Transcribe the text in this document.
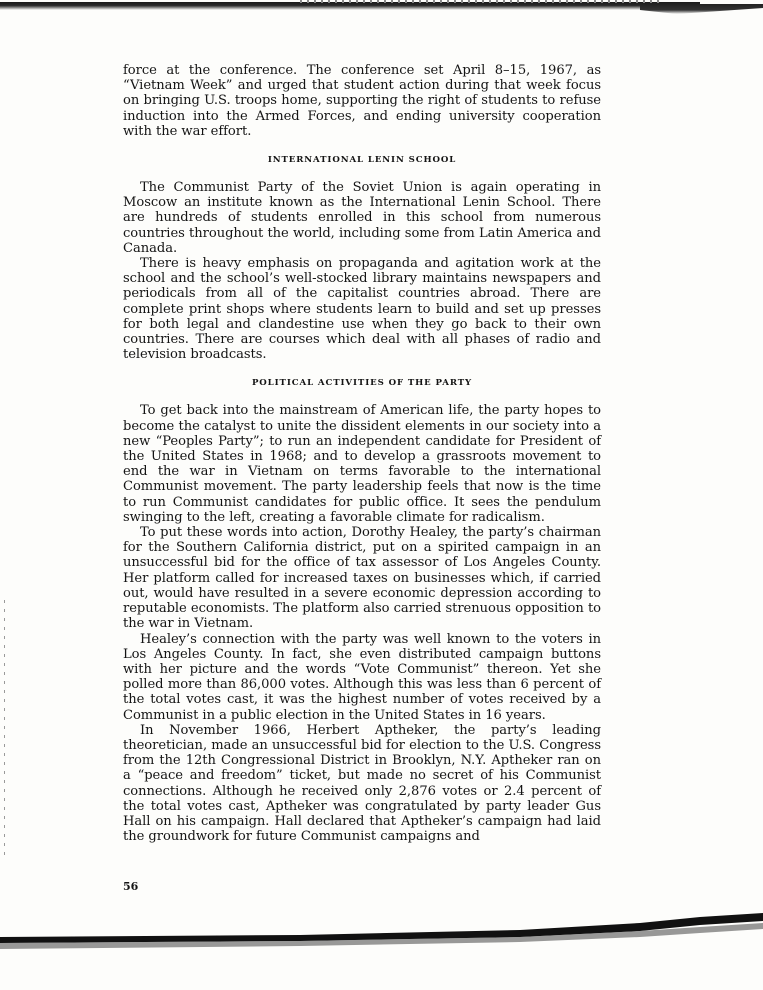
force at the conference. The conference set April 8–15, 1967, as “Vietnam Week” and urged that student action during that week focus on bringing U.S. troops home, supporting the right of students to refuse induction into the Armed Forces, and ending university cooperation with the war effort.

INTERNATIONAL LENIN SCHOOL

The Communist Party of the Soviet Union is again operating in Moscow an institute known as the International Lenin School. There are hundreds of students enrolled in this school from numerous countries throughout the world, including some from Latin America and Canada.

There is heavy emphasis on propaganda and agitation work at the school and the school’s well-stocked library maintains newspapers and periodicals from all of the capitalist countries abroad. There are complete print shops where students learn to build and set up presses for both legal and clandestine use when they go back to their own countries. There are courses which deal with all phases of radio and television broadcasts.

POLITICAL ACTIVITIES OF THE PARTY

To get back into the mainstream of American life, the party hopes to become the catalyst to unite the dissident elements in our society into a new “Peoples Party”; to run an independent candidate for President of the United States in 1968; and to develop a grassroots movement to end the war in Vietnam on terms favorable to the international Communist movement. The party leadership feels that now is the time to run Communist candidates for public office. It sees the pendulum swinging to the left, creating a favorable climate for radicalism.

To put these words into action, Dorothy Healey, the party’s chairman for the Southern California district, put on a spirited campaign in an unsuccessful bid for the office of tax assessor of Los Angeles County. Her platform called for increased taxes on businesses which, if carried out, would have resulted in a severe economic depression according to reputable economists. The platform also carried strenuous opposition to the war in Vietnam.

Healey’s connection with the party was well known to the voters in Los Angeles County. In fact, she even distributed campaign buttons with her picture and the words “Vote Communist” thereon. Yet she polled more than 86,000 votes. Although this was less than 6 percent of the total votes cast, it was the highest number of votes received by a Communist in a public election in the United States in 16 years.

In November 1966, Herbert Aptheker, the party’s leading theoretician, made an unsuccessful bid for election to the U.S. Congress from the 12th Congressional District in Brooklyn, N.Y. Aptheker ran on a “peace and freedom” ticket, but made no secret of his Communist connections. Although he received only 2,876 votes or 2.4 percent of the total votes cast, Aptheker was congratulated by party leader Gus Hall on his campaign. Hall declared that Aptheker’s campaign had laid the groundwork for future Communist campaigns and

56
